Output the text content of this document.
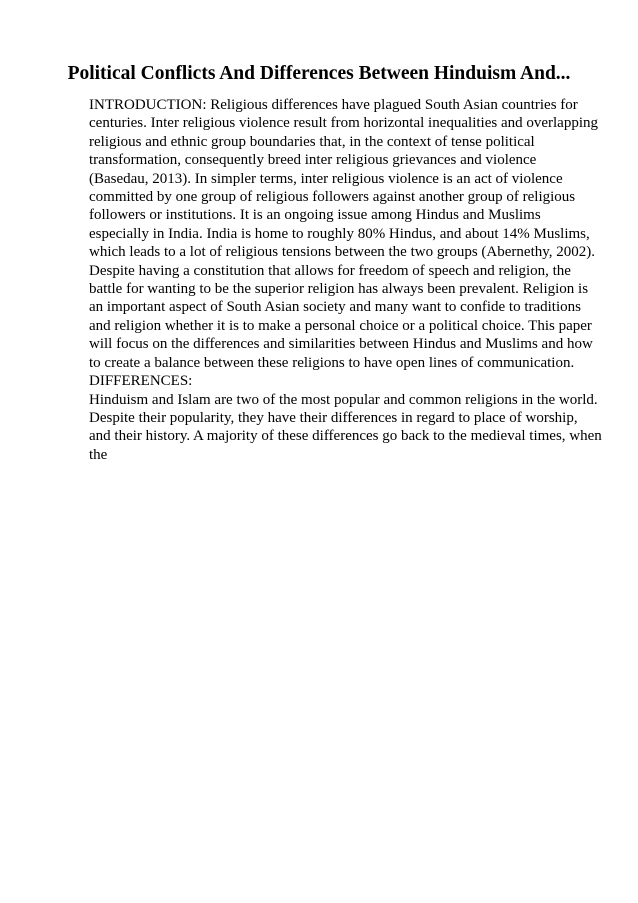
Political Conflicts And Differences Between Hinduism And...
INTRODUCTION: Religious differences have plagued South Asian countries for
centuries. Inter religious violence result from horizontal inequalities and overlapping
religious and ethnic group boundaries that, in the context of tense political
transformation, consequently breed inter religious grievances and violence
(Basedau, 2013). In simpler terms, inter religious violence is an act of violence
committed by one group of religious followers against another group of religious
followers or institutions. It is an ongoing issue among Hindus and Muslims
especially in India. India is home to roughly 80% Hindus, and about 14% Muslims,
which leads to a lot of religious tensions between the two groups (Abernethy, 2002).
Despite having a constitution that allows for freedom of speech and religion, the
battle for wanting to be the superior religion has always been prevalent. Religion is
an important aspect of South Asian society and many want to confide to traditions
and religion whether it is to make a personal choice or a political choice. This paper
will focus on the differences and similarities between Hindus and Muslims and how
to create a balance between these religions to have open lines of communication.
DIFFERENCES:
Hinduism and Islam are two of the most popular and common religions in the world.
Despite their popularity, they have their differences in regard to place of worship,
and their history. A majority of these differences go back to the medieval times, when
the
